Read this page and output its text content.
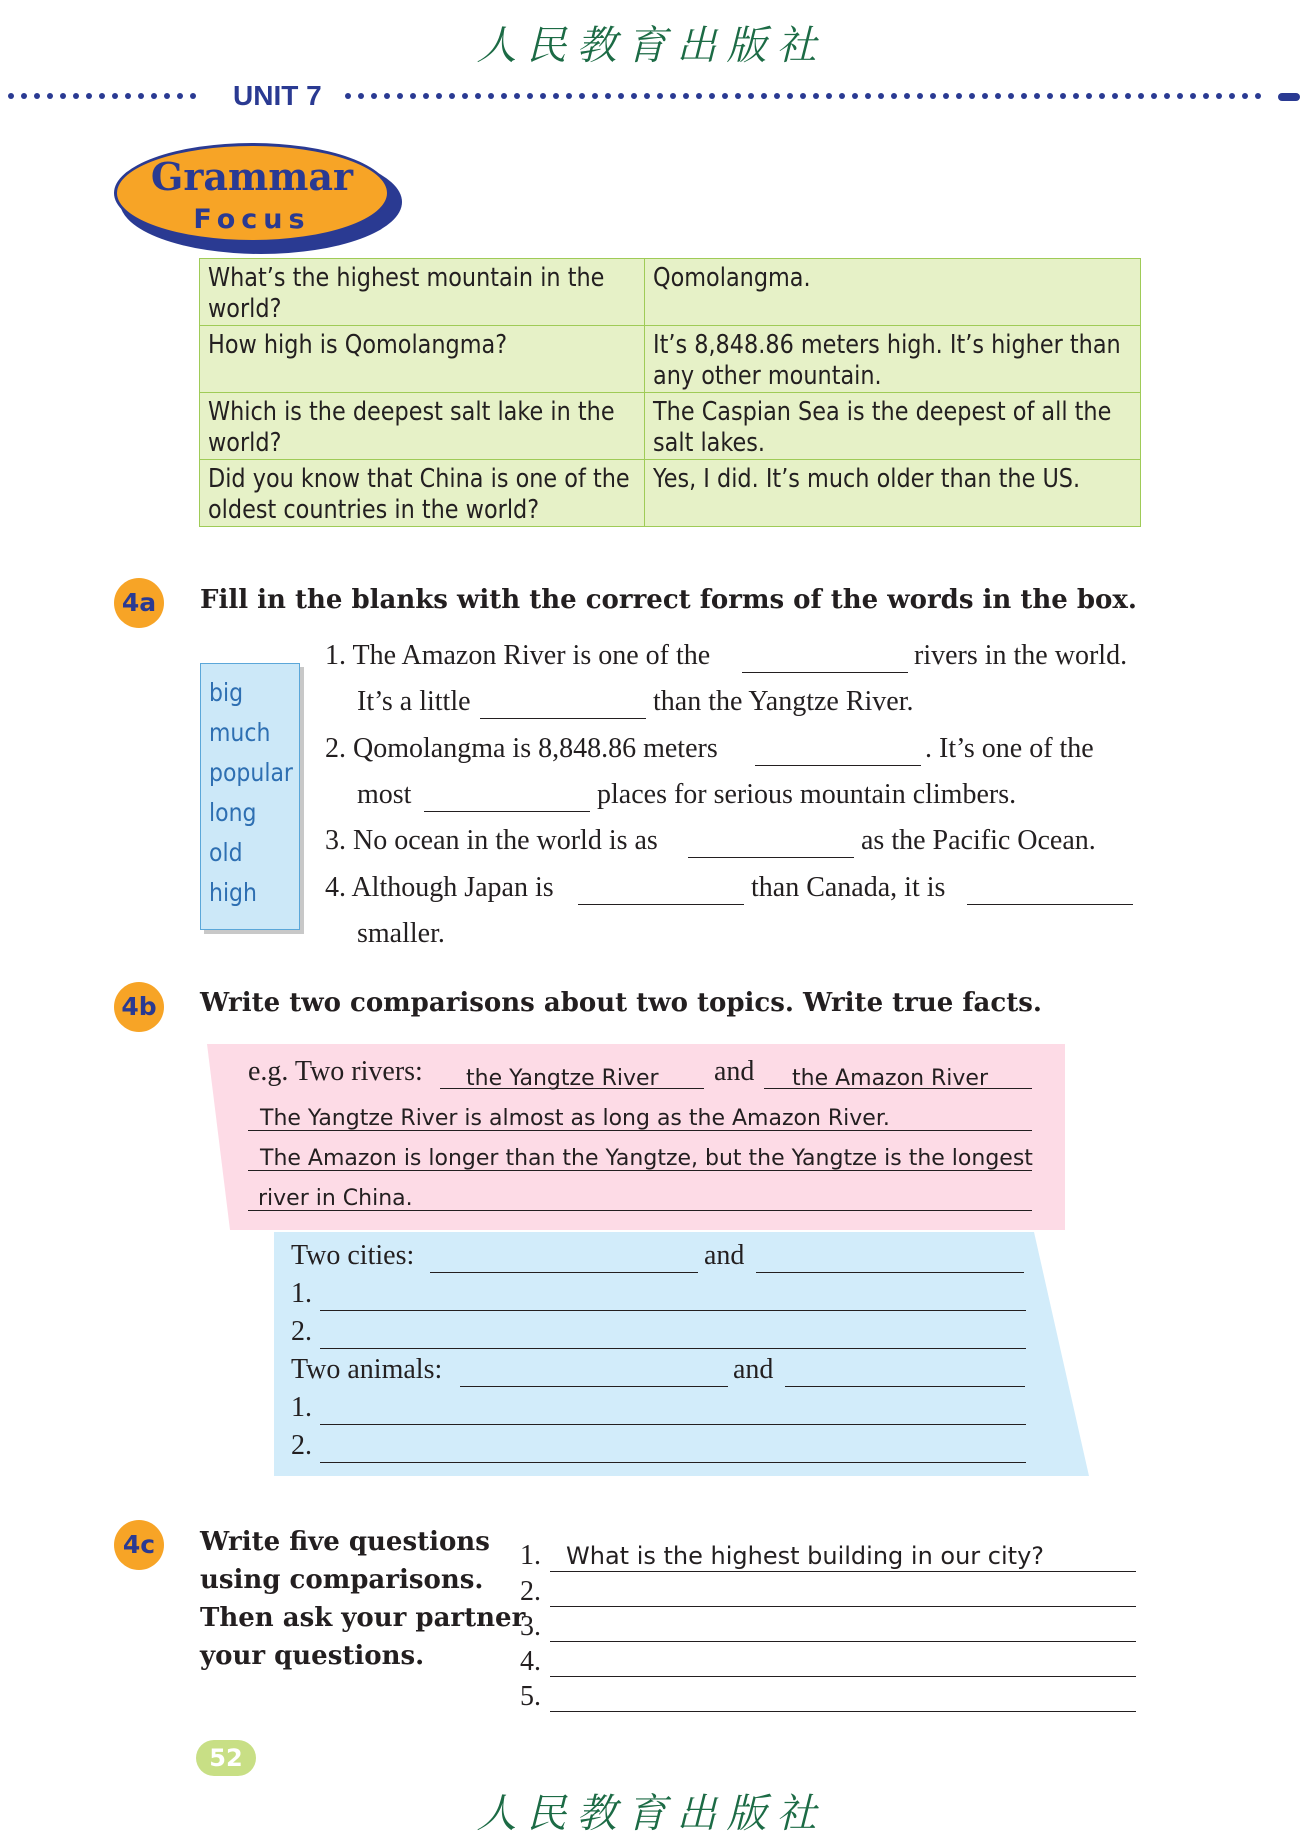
人民教育出版社
UNIT 7
Grammar
Focus
What’s the highest mountain in the world?	Qomolangma.

How high is Qomolangma?	It’s 8,848.86 meters high. It’s higher than any other mountain.

Which is the deepest salt lake in the world?	The Caspian Sea is the deepest of all the salt lakes.

Did you know that China is one of the oldest countries in the world?	Yes, I did. It’s much older than the US.
4a	Fill in the blanks with the correct forms of the words in the box.
big
much
popular
long
old
high
1. The Amazon River is one of the	rivers in the world.
It’s a little	than the Yangtze River.
2. Qomolangma is 8,848.86 meters	. It’s one of the
most	places for serious mountain climbers.
3. No ocean in the world is as	as the Pacific Ocean.
4. Although Japan is	than Canada, it is
smaller.
4b Write two comparisons about two topics. Write true facts.
e.g. Two rivers: the Yangtze River and the Amazon River
The Yangtze River is almost as long as the Amazon River.
The Amazon is longer than the Yangtze, but the Yangtze is the longest
river in China.
Two cities:	and
1.
2.
Two animals:	and
1.
2.
4c	Write five questions
using comparisons.
Then ask your partner
your questions.
1. What is the highest building in our city?
2.
3.
4.
5.
52
人民教育出版社
